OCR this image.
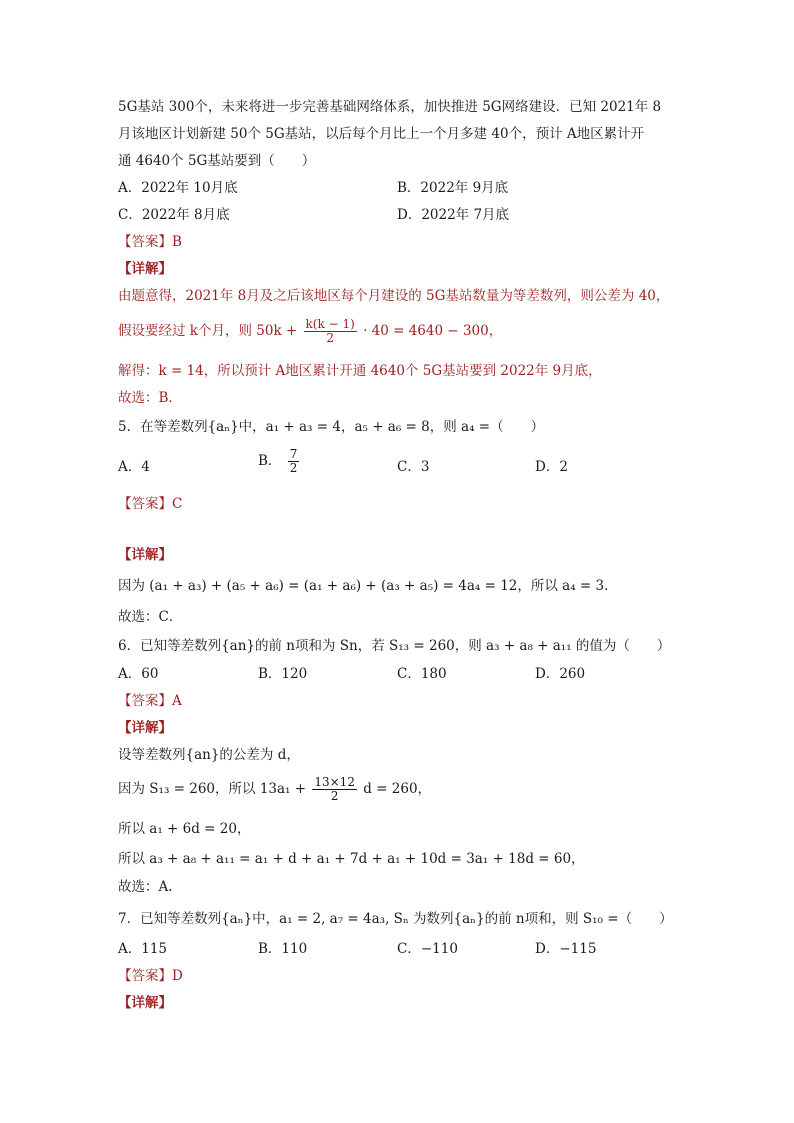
5G基站 300个，未来将进一步完善基础网络体系，加快推进 5G网络建设．已知 2021年 8
月该地区计划新建 50个 5G基站，以后每个月比上一个月多建 40个，预计 A地区累计开
通 4640个 5G基站要到（　　）
A．2022年 10月底	B．2022年 9月底
C．2022年 8月底	D．2022年 7月底
【答案】B
【详解】
由题意得，2021年 8月及之后该地区每个月建设的 5G基站数量为等差数列，则公差为 40，
假设要经过 k个月，则 $50k + \frac{k(k - 1)}{2} \cdot 40 = 4640 - 300$，
解得：k = 14，所以预计 A地区累计开通 4640个 5G基站要到 2022年 9月底，
故选：B．
5．在等差数列{aₙ}中，a₁ + a₃ = 4，a₅ + a₆ = 8，则 a₄ =（　　）
A．4	B． $\frac{7}{2}$	C．3	D．2
【答案】C
【详解】
因为 (a₁ + a₃) + (a₅ + a₆) = (a₁ + a₆) + (a₃ + a₅) = 4a₄ = 12，所以 a₄ = 3.
故选：C．
6．已知等差数列{an}的前 n项和为 Sn，若 S₁₃ = 260，则 a₃ + a₈ + a₁₁ 的值为（　　）
A．60	B．120	C．180	D．260
【答案】A
【详解】
设等差数列{an}的公差为 d，
因为 S₁₃ = 260，所以 $13a_1 + \frac{13\times 12}{2}$ d = 260，
所以 a₁ + 6d = 20，
所以 a₃ + a₈ + a₁₁ = a₁ + d + a₁ + 7d + a₁ + 10d = 3a₁ + 18d = 60，
故选：A.
7．已知等差数列{aₙ}中，a₁ = 2, a₇ = 4a₃, Sₙ 为数列{aₙ}的前 n项和，则 S₁₀ =（　　）
A．115	B．110	C．−110	D．−115
【答案】D
【详解】
